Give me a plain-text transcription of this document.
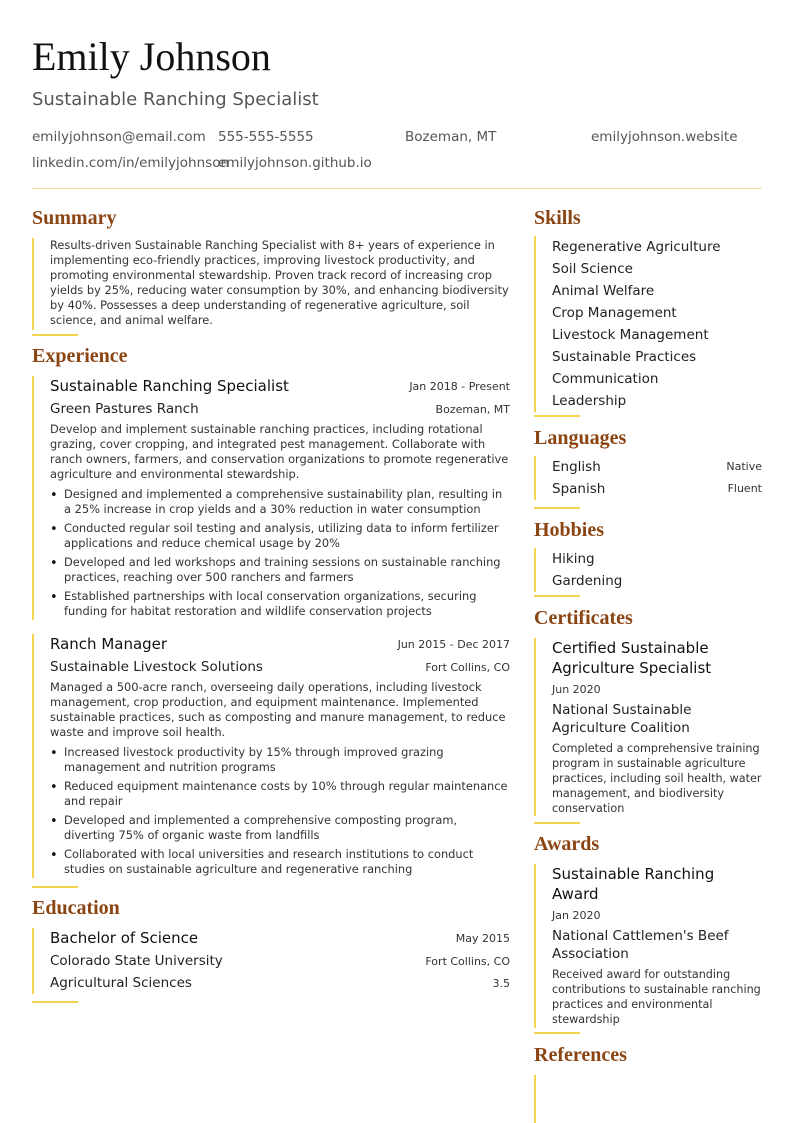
Emily Johnson
Sustainable Ranching Specialist
emilyjohnson@email.com 555-555-5555	Bozeman, MT	emilyjohnson.website
linkedin.com/in/emilyjohnson
emilyjohnson.github.io
Summary
Results-driven Sustainable Ranching Specialist with 8+ years of experience in implementing eco-friendly practices, improving livestock productivity, and promoting environmental stewardship. Proven track record of increasing crop yields by 25%, reducing water consumption by 30%, and enhancing biodiversity by 40%. Possesses a deep understanding of regenerative agriculture, soil science, and animal welfare.
Experience
Sustainable Ranching Specialist	Jan 2018 - Present
Green Pastures Ranch	Bozeman, MT
Develop and implement sustainable ranching practices, including rotational grazing, cover cropping, and integrated pest management. Collaborate with ranch owners, farmers, and conservation organizations to promote regenerative agriculture and environmental stewardship.
• Designed and implemented a comprehensive sustainability plan, resulting in a 25% increase in crop yields and a 30% reduction in water consumption
• Conducted regular soil testing and analysis, utilizing data to inform fertilizer applications and reduce chemical usage by 20%
• Developed and led workshops and training sessions on sustainable ranching practices, reaching over 500 ranchers and farmers
• Established partnerships with local conservation organizations, securing funding for habitat restoration and wildlife conservation projects
Ranch Manager	Jun 2015 - Dec 2017
Sustainable Livestock Solutions	Fort Collins, CO
Managed a 500-acre ranch, overseeing daily operations, including livestock management, crop production, and equipment maintenance. Implemented sustainable practices, such as composting and manure management, to reduce waste and improve soil health.
• Increased livestock productivity by 15% through improved grazing management and nutrition programs
• Reduced equipment maintenance costs by 10% through regular maintenance and repair
• Developed and implemented a comprehensive composting program, diverting 75% of organic waste from landfills
• Collaborated with local universities and research institutions to conduct studies on sustainable agriculture and regenerative ranching
Education
Bachelor of Science	May 2015
Colorado State University	Fort Collins, CO
Agricultural Sciences	3.5
Skills
Regenerative Agriculture
Soil Science
Animal Welfare
Crop Management
Livestock Management
Sustainable Practices
Communication
Leadership
Languages
English	Native
Spanish	Fluent
Hobbies
Hiking
Gardening
Certificates
Certified Sustainable Agriculture Specialist
Jun 2020
National Sustainable Agriculture Coalition
Completed a comprehensive training program in sustainable agriculture practices, including soil health, water management, and biodiversity conservation
Awards
Sustainable Ranching Award
Jan 2020
National Cattlemen's Beef Association
Received award for outstanding contributions to sustainable ranching practices and environmental stewardship
References
